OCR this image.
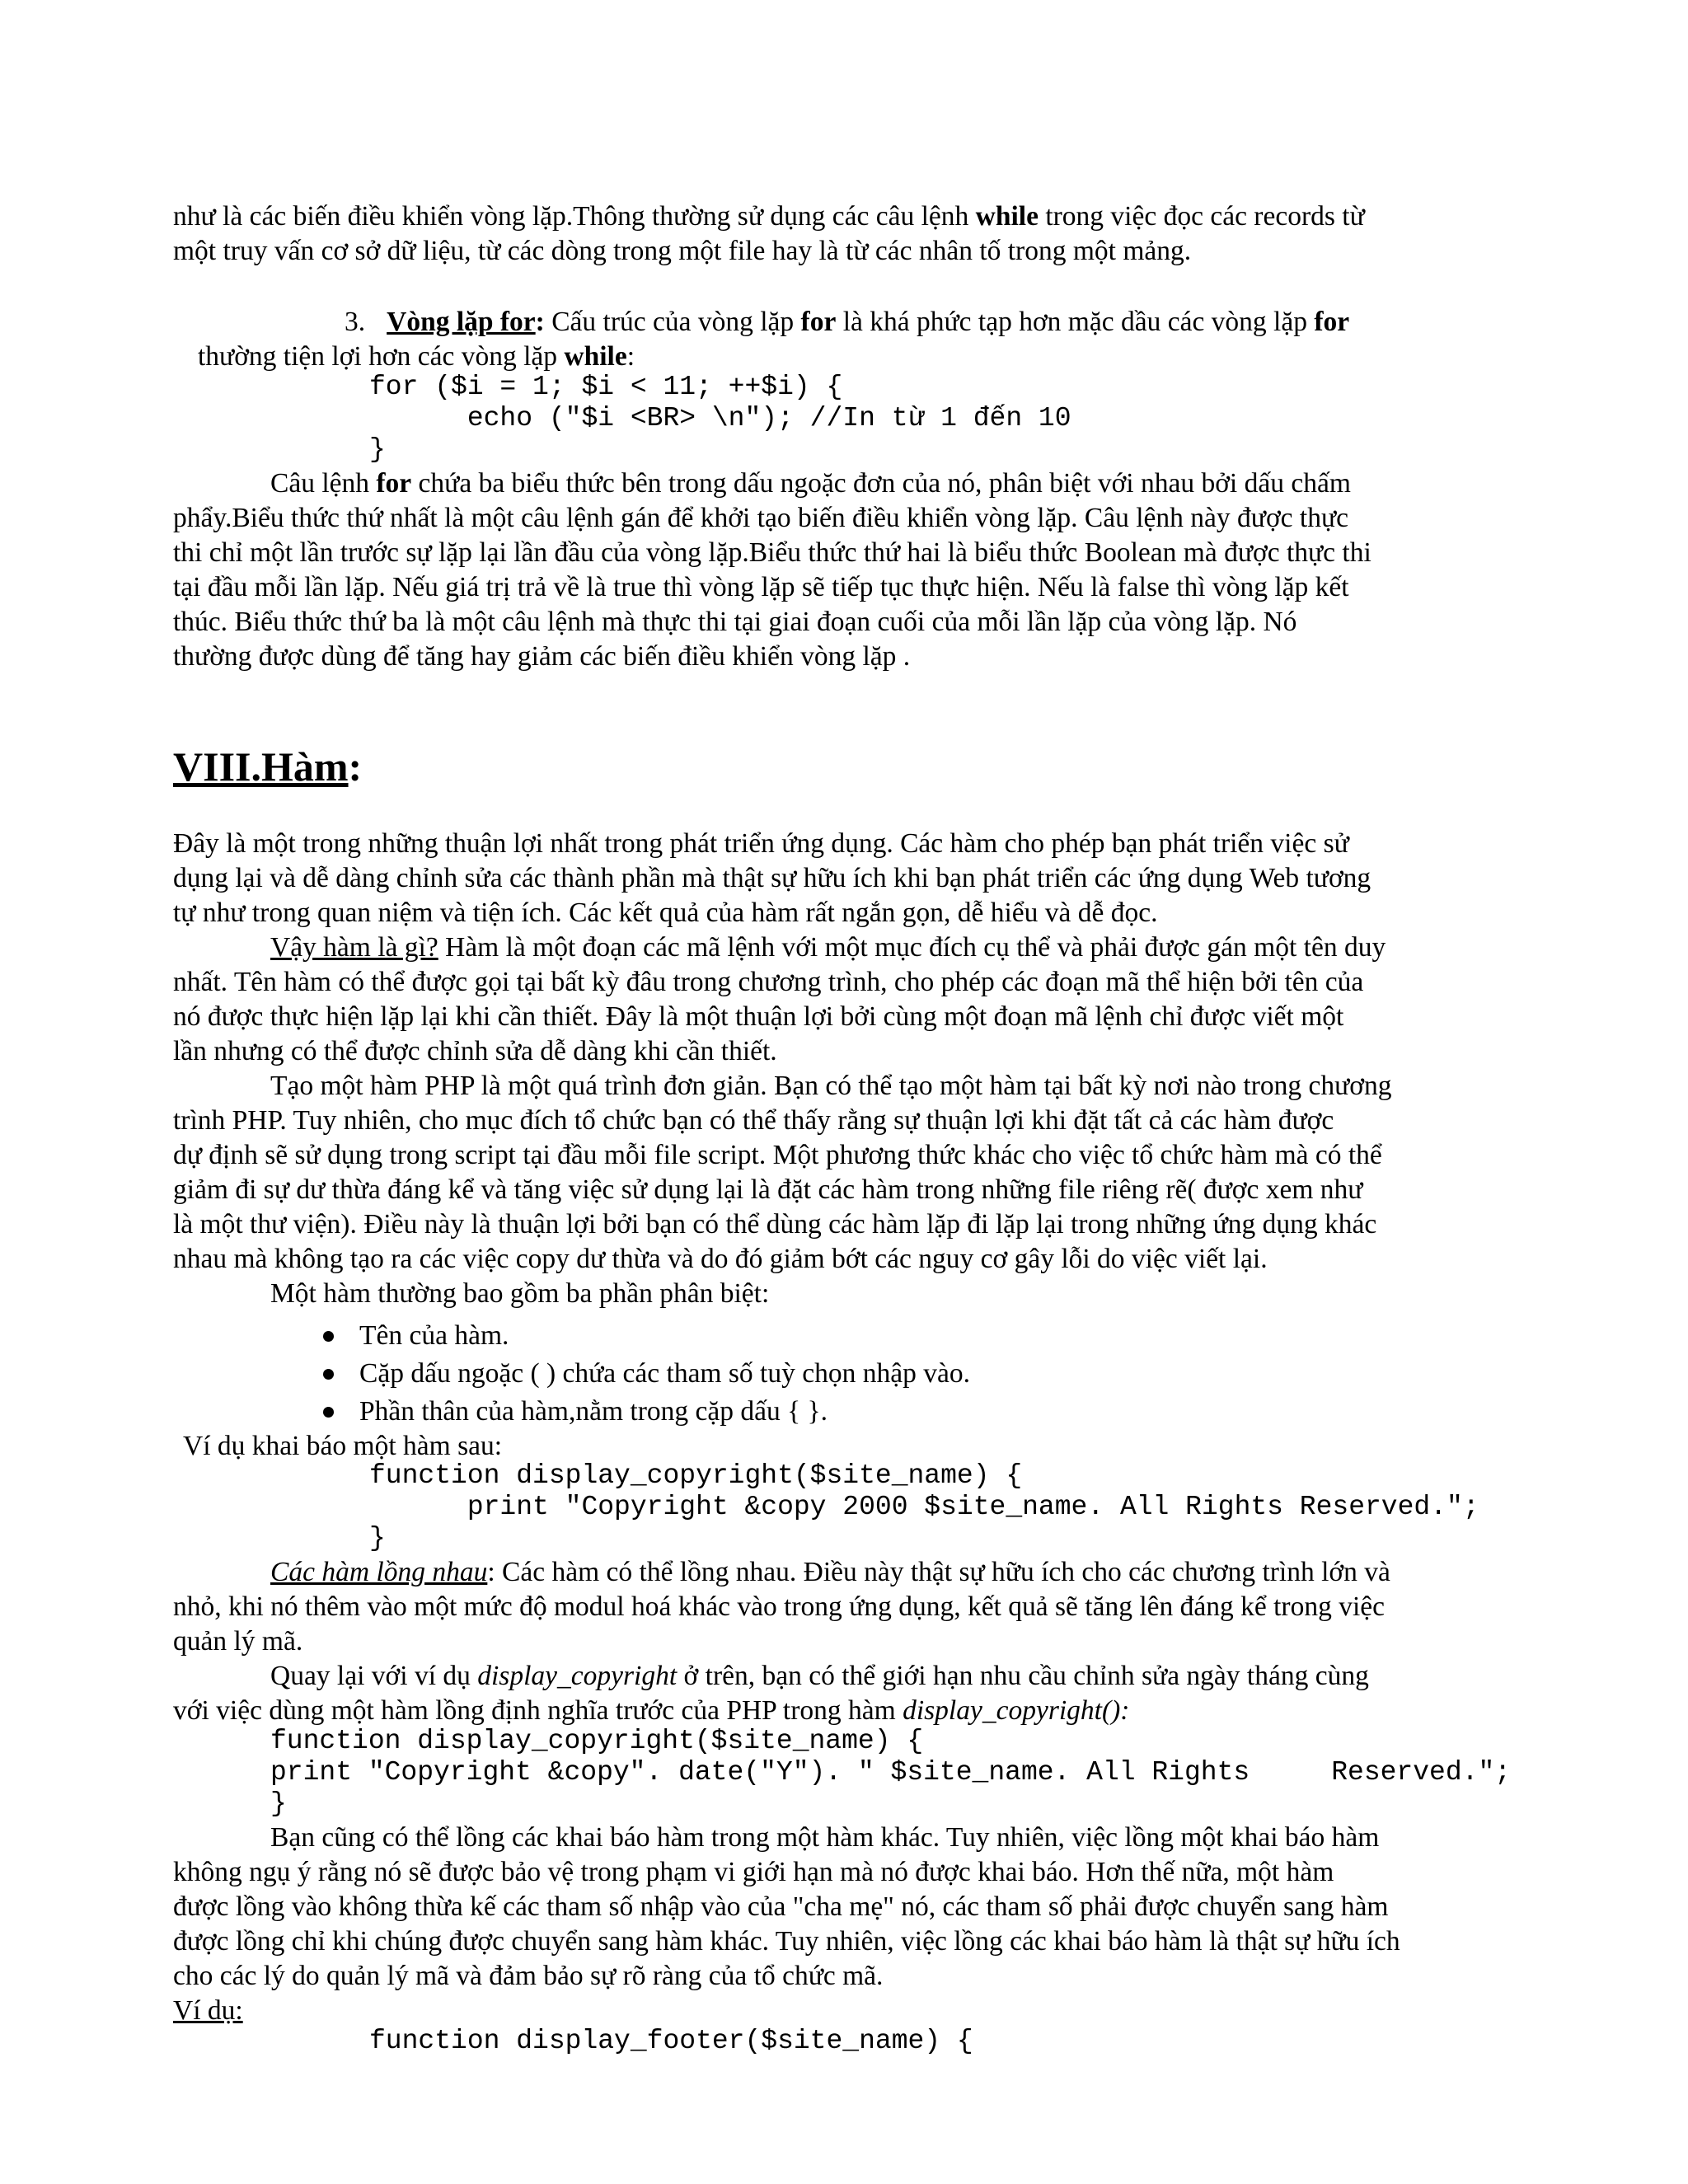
như là các biến điều khiển vòng lặp.Thông thường sử dụng các câu lệnh while trong việc đọc các records từ
một truy vấn cơ sở dữ liệu, từ các dòng trong một file hay là từ các nhân tố trong một mảng.
3. Vòng lặp for: Cấu trúc của vòng lặp for là khá phức tạp hơn mặc dầu các vòng lặp for
thường tiện lợi hơn các vòng lặp while:
for ($i = 1; $i < 11; ++$i) {
echo ("$i <BR> \n"); //In từ 1 đến 10
}
Câu lệnh for chứa ba biểu thức bên trong dấu ngoặc đơn của nó, phân biệt với nhau bởi dấu chấm
phẩy.Biểu thức thứ nhất là một câu lệnh gán để khởi tạo biến điều khiển vòng lặp. Câu lệnh này được thực
thi chỉ một lần trước sự lặp lại lần đầu của vòng lặp.Biểu thức thứ hai là biểu thức Boolean mà được thực thi
tại đầu mỗi lần lặp. Nếu giá trị trả về là true thì vòng lặp sẽ tiếp tục thực hiện. Nếu là false thì vòng lặp kết
thúc. Biểu thức thứ ba là một câu lệnh mà thực thi tại giai đoạn cuối của mỗi lần lặp của vòng lặp. Nó
thường được dùng để tăng hay giảm các biến điều khiển vòng lặp .
VIII.Hàm:
Đây là một trong những thuận lợi nhất trong phát triển ứng dụng. Các hàm cho phép bạn phát triển việc sử
dụng lại và dễ dàng chỉnh sửa các thành phần mà thật sự hữu ích khi bạn phát triển các ứng dụng Web tương
tự như trong quan niệm và tiện ích. Các kết quả của hàm rất ngắn gọn, dễ hiểu và dễ đọc.
Vậy hàm là gì? Hàm là một đoạn các mã lệnh với một mục đích cụ thể và phải được gán một tên duy
nhất. Tên hàm có thể được gọi tại bất kỳ đâu trong chương trình, cho phép các đoạn mã thể hiện bởi tên của
nó được thực hiện lặp lại khi cần thiết. Đây là một thuận lợi bởi cùng một đoạn mã lệnh chỉ được viết một
lần nhưng có thể được chỉnh sửa dễ dàng khi cần thiết.
Tạo một hàm PHP là một quá trình đơn giản. Bạn có thể tạo một hàm tại bất kỳ nơi nào trong chương
trình PHP. Tuy nhiên, cho mục đích tổ chức bạn có thể thấy rằng sự thuận lợi khi đặt tất cả các hàm được
dự định sẽ sử dụng trong script tại đầu mỗi file script. Một phương thức khác cho việc tổ chức hàm mà có thể
giảm đi sự dư thừa đáng kể và tăng việc sử dụng lại là đặt các hàm trong những file riêng rẽ( được xem như
là một thư viện). Điều này là thuận lợi bởi bạn có thể dùng các hàm lặp đi lặp lại trong những ứng dụng khác
nhau mà không tạo ra các việc copy dư thừa và do đó giảm bớt các nguy cơ gây lỗi do việc viết lại.
Một hàm thường bao gồm ba phần phân biệt:
Tên của hàm.
Cặp dấu ngoặc ( ) chứa các tham số tuỳ chọn nhập vào.
Phần thân của hàm,nằm trong cặp dấu { }.
Ví dụ khai báo một hàm sau:
function display_copyright($site_name) {
print "Copyright &copy 2000 $site_name. All Rights Reserved.";
}
Các hàm lồng nhau: Các hàm có thể lồng nhau. Điều này thật sự hữu ích cho các chương trình lớn và
nhỏ, khi nó thêm vào một mức độ modul hoá khác vào trong ứng dụng, kết quả sẽ tăng lên đáng kể trong việc
quản lý mã.
Quay lại với ví dụ display_copyright ở trên, bạn có thể giới hạn nhu cầu chỉnh sửa ngày tháng cùng
với việc dùng một hàm lồng định nghĩa trước của PHP trong hàm display_copyright():
function display_copyright($site_name) {
print "Copyright &copy". date("Y"). " $site_name. All Rights     Reserved.";
}
Bạn cũng có thể lồng các khai báo hàm trong một hàm khác. Tuy nhiên, việc lồng một khai báo hàm
không ngụ ý rằng nó sẽ được bảo vệ trong phạm vi giới hạn mà nó được khai báo. Hơn thế nữa, một hàm
được lồng vào không thừa kế các tham số nhập vào của "cha mẹ" nó, các tham số phải được chuyển sang hàm
được lồng chỉ khi chúng được chuyển sang hàm khác. Tuy nhiên, việc lồng các khai báo hàm là thật sự hữu ích
cho các lý do quản lý mã và đảm bảo sự rõ ràng của tổ chức mã.
Ví dụ:
function display_footer($site_name) {
